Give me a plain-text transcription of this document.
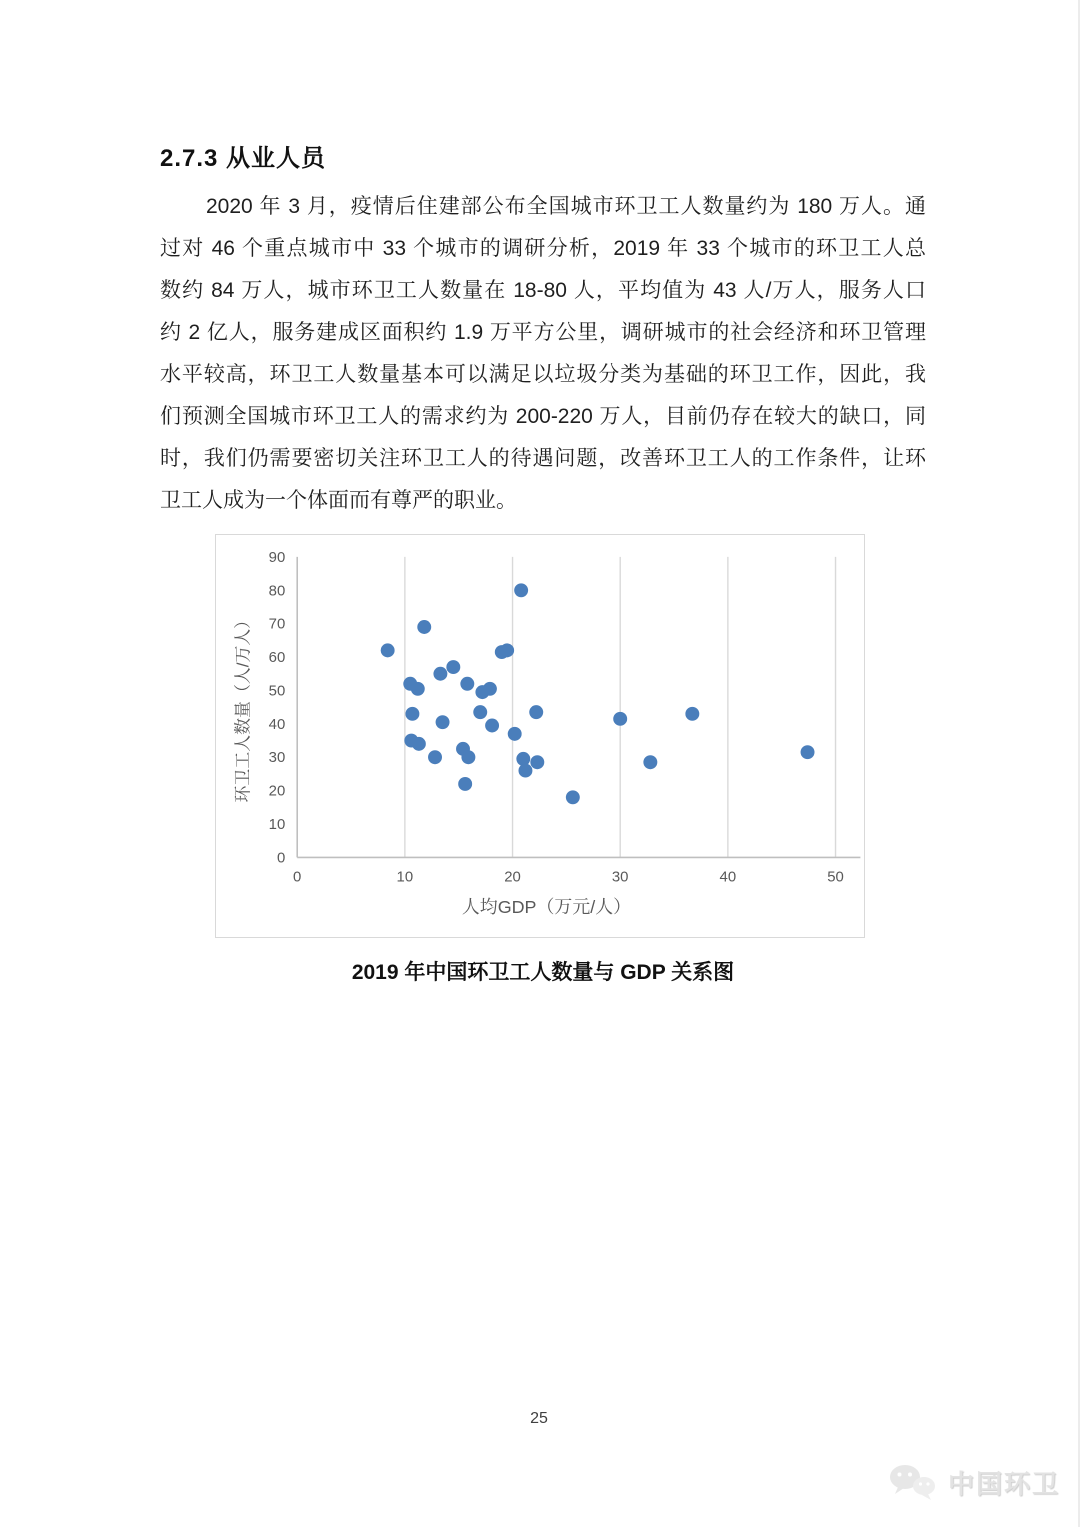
2.7.3 从业人员
2020 年 3 月，疫情后住建部公布全国城市环卫工人数量约为 180 万人。通
过对 46 个重点城市中 33 个城市的调研分析，2019 年 33 个城市的环卫工人总
数约 84 万人，城市环卫工人数量在 18-80 人，平均值为 43 人/万人，服务人口
约 2 亿人，服务建成区面积约 1.9 万平方公里，调研城市的社会经济和环卫管理
水平较高，环卫工人数量基本可以满足以垃圾分类为基础的环卫工作，因此，我
们预测全国城市环卫工人的需求约为 200-220 万人，目前仍存在较大的缺口，同
时，我们仍需要密切关注环卫工人的待遇问题，改善环卫工人的工作条件，让环
卫工人成为一个体面而有尊严的职业。
0
10
20
30
40
50
60
70
80
90
0	10	20	30	40	50
环卫工人数量（人/万人）
人均GDP（万元/人）
2019 年中国环卫工人数量与 GDP 关系图
25
中国环卫
